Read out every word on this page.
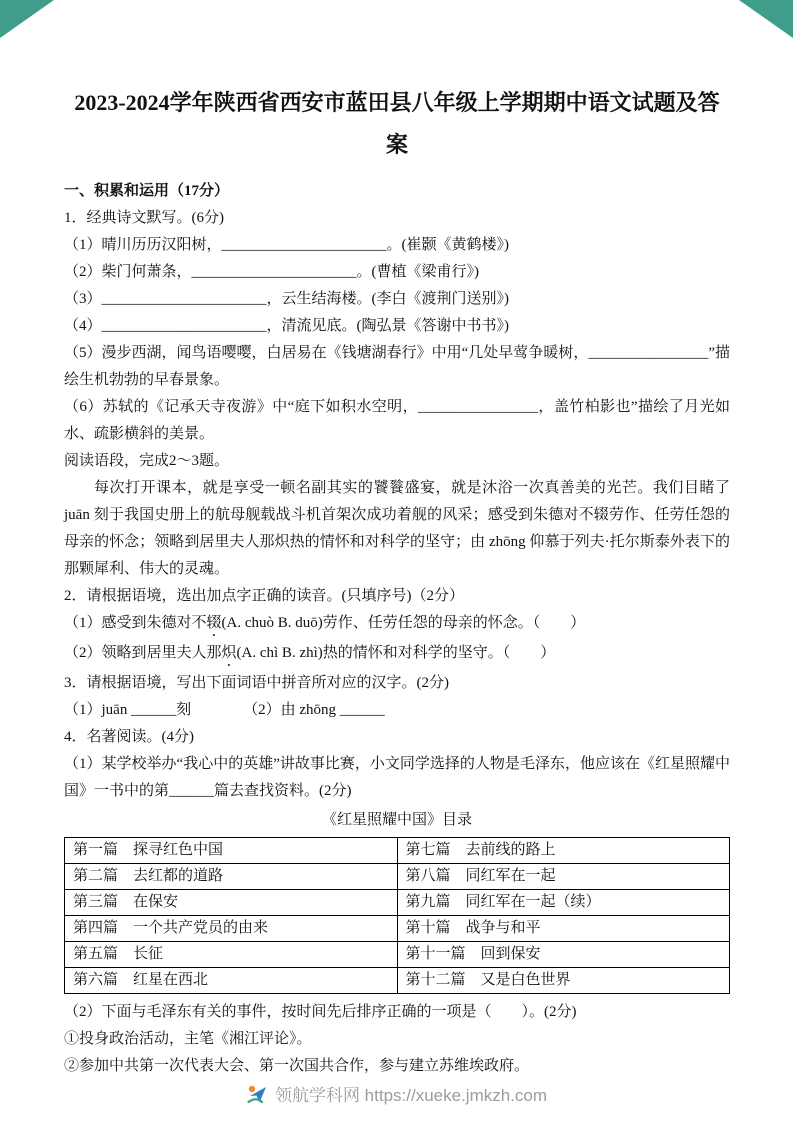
2023-2024学年陕西省西安市蓝田县八年级上学期期中语文试题及答案
一、积累和运用（17分）
1．经典诗文默写。(6分)
（1）晴川历历汉阳树，______________________。(崔颢《黄鹤楼》)
（2）柴门何萧条，______________________。(曹植《梁甫行》)
（3）______________________，云生结海楼。(李白《渡荆门送别》)
（4）______________________，清流见底。(陶弘景《答谢中书书》)
（5）漫步西湖，闻鸟语嘤嘤，白居易在《钱塘湖春行》中用“几处早莺争暖树，________________”描绘生机勃勃的早春景象。
（6）苏轼的《记承天寺夜游》中“庭下如积水空明，________________，盖竹柏影也”描绘了月光如水、疏影横斜的美景。
阅读语段，完成2～3题。

每次打开课本，就是享受一顿名副其实的饕餮盛宴，就是沐浴一次真善美的光芒。我们目睹了 juān 刻于我国史册上的航母舰载战斗机首架次成功着舰的风采；感受到朱德对不辍劳作、任劳任怨的母亲的怀念；领略到居里夫人那炽热的情怀和对科学的坚守；由 zhōng 仰慕于列夫·托尔斯泰外表下的那颗犀利、伟大的灵魂。

2．请根据语境，选出加点字正确的读音。(只填序号)（2分）
（1）感受到朱德对不辍(A. chuò B. duō)劳作、任劳任怨的母亲的怀念。（　　）
（2）领略到居里夫人那炽(A. chì B. zhì)热的情怀和对科学的坚守。（　　）
3．请根据语境，写出下面词语中拼音所对应的汉字。(2分)
（1）juān ______刻	（2）由 zhōng ______
4．名著阅读。(4分)
（1）某学校举办“我心中的英雄”讲故事比赛，小文同学选择的人物是毛泽东，他应该在《红星照耀中国》一书中的第______篇去查找资料。(2分)
《红星照耀中国》目录
第一篇　探寻红色中国	第七篇　去前线的路上
第二篇　去红都的道路	第八篇　同红军在一起
第三篇　在保安	第九篇　同红军在一起（续）
第四篇　一个共产党员的由来	第十篇　战争与和平
第五篇　长征	第十一篇　回到保安
第六篇　红星在西北	第十二篇　又是白色世界
（2）下面与毛泽东有关的事件，按时间先后排序正确的一项是（　　）。(2分)
①投身政治活动，主笔《湘江评论》。
②参加中共第一次代表大会、第一次国共合作，参与建立苏维埃政府。
领航学科网 https://xueke.jmkzh.com
